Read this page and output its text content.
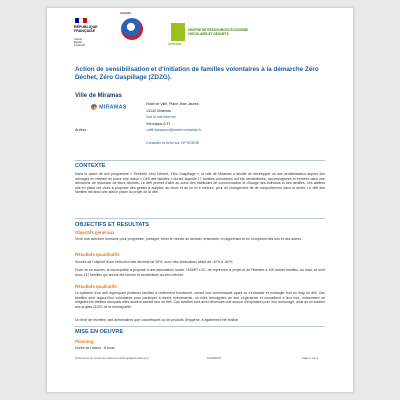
RÉPUBLIQUE
FRANÇAISE
Liberté
Égalité
Fraternité
ADEME
OPTIGEDE
CENTRE DE RESSOURCES ÉCONOMIE
CIRCULAIRE ET DÉCHETS
Action de sensibilisation et d'initiation de familles volontaires à la démarche Zéro Déchet, Zéro Gaspillage (ZDZG).
Ville de Miramas
MIRAMAS
Hôtel de Ville, Place Jean Jaurès
13140 Miramas
Voir le site internet
Véronique A-Fi
v.affi-berapoun@mairie-miramas.fr
Auteur :
Consulter la fiche sur OPTIGEDE
CONTEXTE
Dans le cadre de son programme « Territoire Zéro Déchet, Zéro Gaspillage », la ville de Miramas a décidé de développer un axe sensibilisation auprès des ménages en mettant en place une action « Défi des familles » durant laquelle 17 familles volontaires ont été sensibilisées, accompagnées et formées dans une démarche de réduction de leurs déchets. Le défi permet d'aller au cœur des habitudes de consommation et d'usage des individus et des familles. Les ateliers mis en place ont visés à proposer des gestes à adopter, au choix et au fur et à mesure, pour un changement de de comportement dans la durée. Le défi des familles est ainsi une action phare du projet de la ville.
OBJECTIFS ET RESULTATS
Objectifs généraux
Vivre une aventure humaine pour progresser, partager, rêver le monde de demain, ensemble, en apprenant et en s'inspirant des uns et des autres.
Résultats quantitatifs
Succès de l'objectif d'une réduction des déchets de 50%, avec des diminutions allant de -30% à -80%.
Forte de ce succès, la municipalité a proposé à une association locale, l'ADMR LCE, de reprendre le projet et de l'étendre à 100 autres familles. Au total, ce sont donc 117 familles qui auront été formés et sensibilisés au zéro déchet.
Résultats qualitatifs
Le système d'un défi regroupant plusieurs familles a réellement fonctionné, créant une communauté ayant su s'entraider et échanger tout au long du défi. Ces familles sont aujourd'hui volontaires pour participer à divers évènements, où elles témoignent de leur expérience et conseillent à leur tour, notamment en dirigeant les ateliers auxquels elles avaient assisté lors du défi. Ces familles sont ainsi devenues une source d'inspiration pour leur entourage, ainsi qu'un soutien aux projets ZDZG de la municipalité.
Un tiroir de recettes, tant alimentaires que cosmétiques ou de produits d'hygiène, a également été réalisé.
MISE EN OEUVRE
Planning
Durée de l'action : 8 mois.
Fiche issue du centre de ressource www.optigede.ademe.fr	16/06/2024	Page 1 sur 3
